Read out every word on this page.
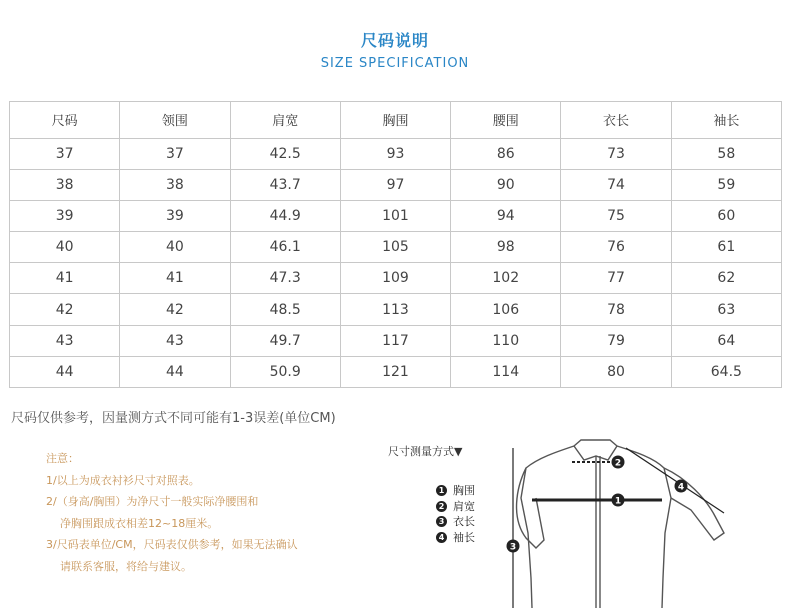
尺码说明
SIZE SPECIFICATION
尺码	领围	肩宽	胸围	腰围	衣长	袖长
37	37	42.5	93	86	73	58
38	38	43.7	97	90	74	59
39	39	44.9	101	94	75	60
40	40	46.1	105	98	76	61
41	41	47.3	109	102	77	62
42	42	48.5	113	106	78	63
43	43	49.7	117	110	79	64
44	44	50.9	121	114	80	64.5
尺码仅供参考，因量测方式不同可能有1-3误差(单位CM)
注意：
1/以上为成衣衬衫尺寸对照表。
2/（身高/胸围）为净尺寸一般实际净腰围和
净胸围跟成衣相差12~18厘米。
3/尺码表单位/CM，尺码表仅供参考，如果无法确认
请联系客服，将给与建议。
尺寸测量方式▼
1 胸围
2 肩宽
3 衣长
4 袖长
1
2
3
4
